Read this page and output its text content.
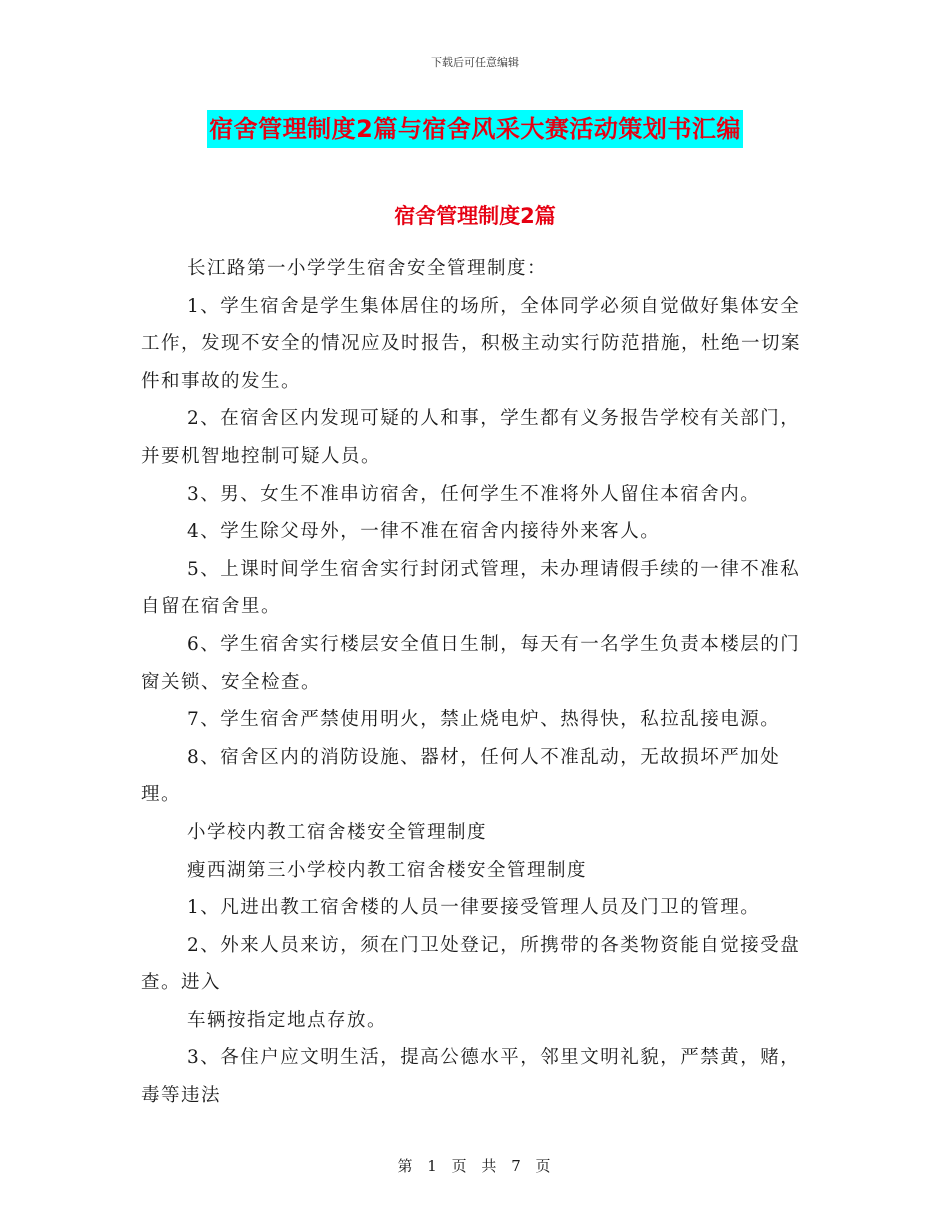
下载后可任意编辑
宿舍管理制度2篇与宿舍风采大赛活动策划书汇编
宿舍管理制度2篇

长江路第一小学学生宿舍安全管理制度：

1、学生宿舍是学生集体居住的场所，全体同学必须自觉做好集体安全工作，发现不安全的情况应及时报告，积极主动实行防范措施，杜绝一切案件和事故的发生。

2、在宿舍区内发现可疑的人和事，学生都有义务报告学校有关部门，并要机智地控制可疑人员。

3、男、女生不准串访宿舍，任何学生不准将外人留住本宿舍内。

4、学生除父母外，一律不准在宿舍内接待外来客人。

5、上课时间学生宿舍实行封闭式管理，未办理请假手续的一律不准私自留在宿舍里。

6、学生宿舍实行楼层安全值日生制，每天有一名学生负责本楼层的门窗关锁、安全检查。

7、学生宿舍严禁使用明火，禁止烧电炉、热得快，私拉乱接电源。

8、宿舍区内的消防设施、器材，任何人不准乱动，无故损坏严加处理。

小学校内教工宿舍楼安全管理制度

瘦西湖第三小学校内教工宿舍楼安全管理制度

1、凡进出教工宿舍楼的人员一律要接受管理人员及门卫的管理。

2、外来人员来访，须在门卫处登记，所携带的各类物资能自觉接受盘查。进入

车辆按指定地点存放。

3、各住户应文明生活，提高公德水平，邻里文明礼貌，严禁黄，赌，毒等违法

第 1 页 共 7 页
